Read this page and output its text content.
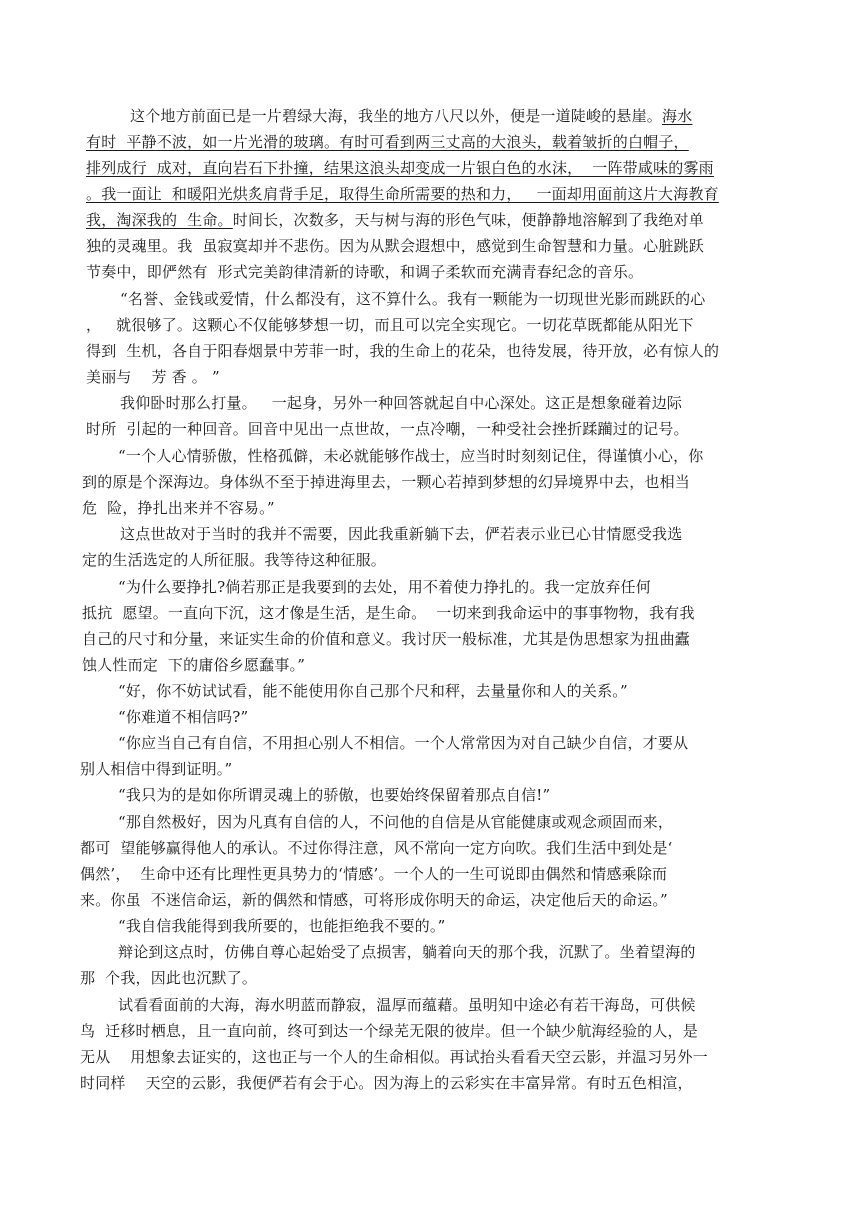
这个地方前面已是一片碧绿大海，我坐的地方八尺以外，便是一道陡峻的悬崖。海水
有时  平静不波，如一片光滑的玻璃。有时可看到两三丈高的大浪头，载着皱折的白帽子，
排列成行  成对，直向岩石下扑撞，结果这浪头却变成一片银白色的水沫，  一阵带咸味的雾雨
。我一面让  和暖阳光烘炙肩背手足，取得生命所需要的热和力，   一面却用面前这片大海教育
我，淘深我的  生命。时间长，次数多，天与树与海的形色气味，便静静地溶解到了我绝对单
独的灵魂里。我  虽寂寞却并不悲伤。因为从默会遐想中，感觉到生命智慧和力量。心脏跳跃
节奏中，即俨然有  形式完美韵律清新的诗歌，和调子柔软而充满青春纪念的音乐。
“名誉、金钱或爱情，什么都没有，这不算什么。我有一颗能为一切现世光影而跳跃的心
，   就很够了。这颗心不仅能够梦想一切，而且可以完全实现它。一切花草既都能从阳光下
得到  生机，各自于阳春烟景中芳菲一时，我的生命上的花朵，也待发展，待开放，必有惊人的
美丽与    芳 香 。 ”
我仰卧时那么打量。   一起身，另外一种回答就起自中心深处。这正是想象碰着边际
时所  引起的一种回音。回音中见出一点世故，一点冷嘲，一种受社会挫折蹂躏过的记号。
“一个人心情骄傲，性格孤僻，未必就能够作战士，应当时时刻刻记住，得谨慎小心，你
到的原是个深海边。身体纵不至于掉进海里去，一颗心若掉到梦想的幻异境界中去，也相当
危  险，挣扎出来并不容易。”
这点世故对于当时的我并不需要，因此我重新躺下去，俨若表示业已心甘情愿受我选
定的生活选定的人所征服。我等待这种征服。
“为什么要挣扎?倘若那正是我要到的去处，用不着使力挣扎的。我一定放弃任何
抵抗  愿望。一直向下沉，这才像是生活，是生命。  一切来到我命运中的事事物物，我有我
自己的尺寸和分量，来证实生命的价值和意义。我讨厌一般标准，尤其是伪思想家为扭曲蠹
蚀人性而定  下的庸俗乡愿蠢事。”
“好，你不妨试试看，能不能使用你自己那个尺和秤，去量量你和人的关系。”
“你难道不相信吗?”
“你应当自己有自信，不用担心别人不相信。一个人常常因为对自己缺少自信，才要从
别人相信中得到证明。”
“我只为的是如你所谓灵魂上的骄傲，也要始终保留着那点自信!”
“那自然极好，因为凡真有自信的人，不问他的自信是从官能健康或观念顽固而来，
都可  望能够赢得他人的承认。不过你得注意，风不常向一定方向吹。我们生活中到处是‘
偶然’，  生命中还有比理性更具势力的‘情感’。一个人的一生可说即由偶然和情感乘除而
来。你虽  不迷信命运，新的偶然和情感，可将形成你明天的命运，决定他后天的命运。”
“我自信我能得到我所要的，也能拒绝我不要的。”
辩论到这点时，仿佛自尊心起始受了点损害，躺着向天的那个我，沉默了。坐着望海的
那  个我，因此也沉默了。
试看看面前的大海，海水明蓝而静寂，温厚而蕴藉。虽明知中途必有若干海岛，可供候
鸟  迁移时栖息，且一直向前，终可到达一个绿芜无限的彼岸。但一个缺少航海经验的人，是
无从    用想象去证实的，这也正与一个人的生命相似。再试抬头看看天空云影，并温习另外一
时同样    天空的云影，我便俨若有会于心。因为海上的云彩实在丰富异常。有时五色相渲，
